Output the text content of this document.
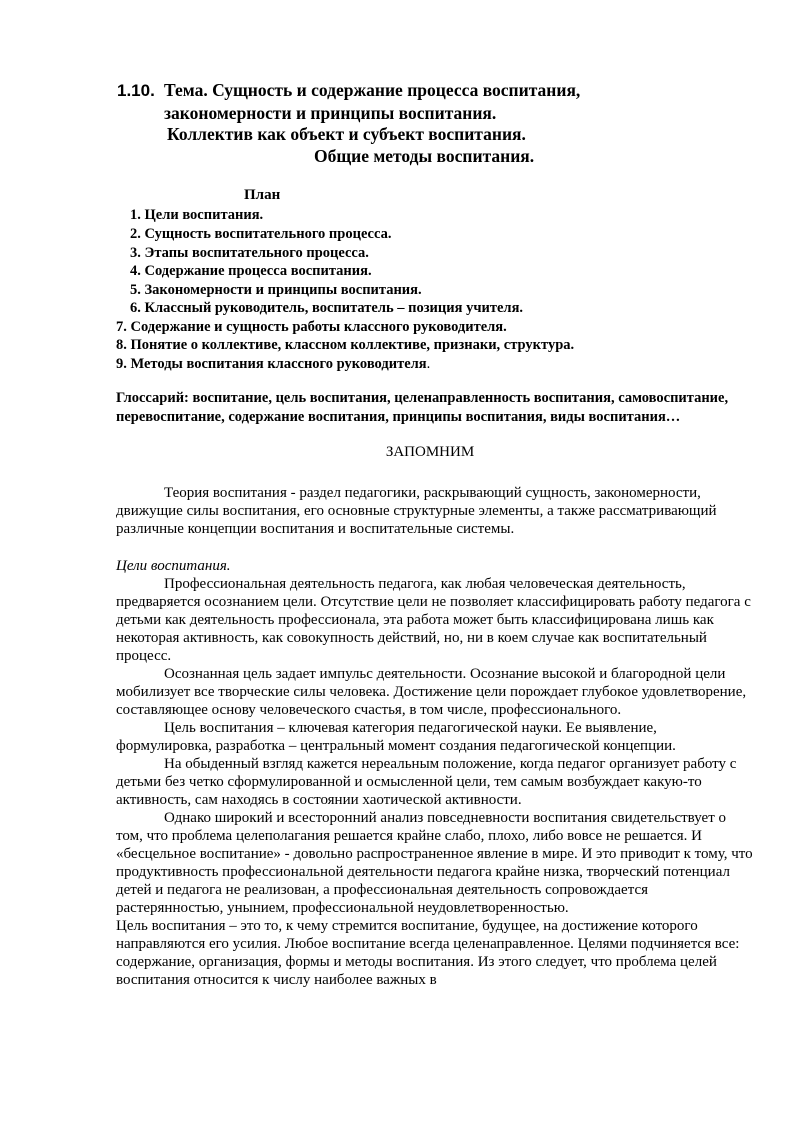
1.10. Тема. Сущность и содержание процесса воспитания,
закономерности и принципы воспитания.
Коллектив как объект и субъект воспитания.
Общие методы воспитания.
План
1. Цели воспитания.
2. Сущность воспитательного процесса.
3. Этапы воспитательного процесса.
4. Содержание процесса воспитания.
5. Закономерности и принципы воспитания.
6. Классный руководитель, воспитатель – позиция учителя.
7. Содержание и сущность работы классного руководителя.
8. Понятие о коллективе, классном коллективе, признаки, структура.
9. Методы воспитания классного руководителя.
Глоссарий: воспитание, цель воспитания, целенаправленность воспитания, самовоспитание, перевоспитание, содержание воспитания, принципы воспитания, виды воспитания…
ЗАПОМНИМ

Теория воспитания - раздел педагогики, раскрывающий сущность, закономерности, движущие силы воспитания, его основные структурные элементы, а также рассматривающий различные концепции воспитания и воспитательные системы.

Цели воспитания.

Профессиональная деятельность педагога, как любая человеческая деятельность, предваряется осознанием цели. Отсутствие цели не позволяет классифицировать работу педагога с детьми как деятельность профессионала, эта работа может быть классифицирована лишь как некоторая активность, как совокупность действий, но, ни в коем случае как воспитательный процесс.

Осознанная цель задает импульс деятельности. Осознание высокой и благородной цели мобилизует все творческие силы человека. Достижение цели порождает глубокое удовлетворение, составляющее основу человеческого счастья, в том числе, профессионального.

Цель воспитания – ключевая категория педагогической науки. Ее выявление, формулировка, разработка – центральный момент создания педагогической концепции.

На обыденный взгляд кажется нереальным положение, когда педагог организует работу с детьми без четко сформулированной и осмысленной цели, тем самым возбуждает какую-то активность, сам находясь в состоянии хаотической активности.

Однако широкий и всесторонний анализ повседневности воспитания свидетельствует о том, что проблема целеполагания решается крайне слабо, плохо, либо вовсе не решается. И «бесцельное воспитание» - довольно распространенное явление в мире. И это приводит к тому, что продуктивность профессиональной деятельности педагога крайне низка, творческий потенциал детей и педагога не реализован, а профессиональная деятельность сопровождается растерянностью, унынием, профессиональной неудовлетворенностью.

Цель воспитания – это то, к чему стремится воспитание, будущее, на достижение которого направляются его усилия. Любое воспитание всегда целенаправленное. Целями подчиняется все: содержание, организация, формы и методы воспитания. Из этого следует, что проблема целей воспитания относится к числу наиболее важных в
